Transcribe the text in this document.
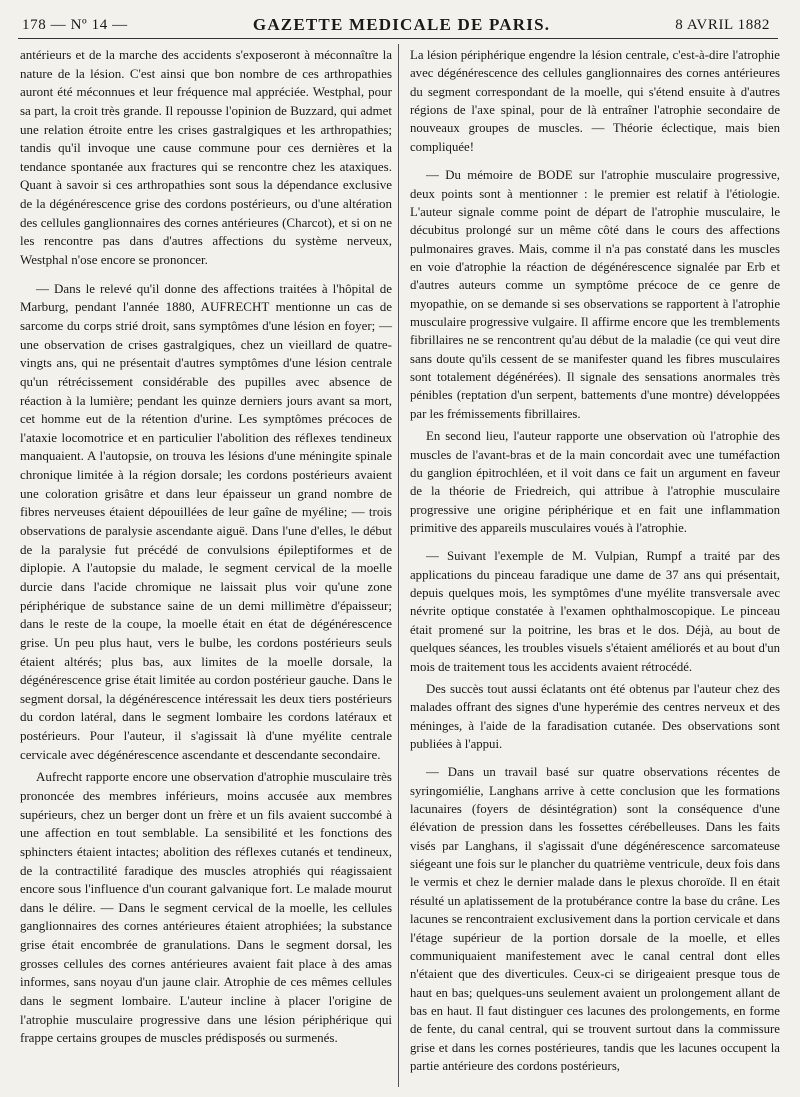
178 — Nº 14 —	GAZETTE MEDICALE DE PARIS.	8 AVRIL 1882

antérieurs et de la marche des accidents s'exposeront à méconnaître la nature de la lésion. C'est ainsi que bon nombre de ces arthropathies auront été méconnues et leur fréquence mal appréciée. Westphal, pour sa part, la croit très grande. Il repousse l'opinion de Buzzard, qui admet une relation étroite entre les crises gastralgiques et les arthropathies; tandis qu'il invoque une cause commune pour ces dernières et la tendance spontanée aux fractures qui se rencontre chez les ataxiques. Quant à savoir si ces arthropathies sont sous la dépendance exclusive de la dégénérescence grise des cordons postérieurs, ou d'une altération des cellules ganglionnaires des cornes antérieures (Charcot), et si on ne les rencontre pas dans d'autres affections du système nerveux, Westphal n'ose encore se prononcer.

— Dans le relevé qu'il donne des affections traitées à l'hôpital de Marburg, pendant l'année 1880, AUFRECHT mentionne un cas de sarcome du corps strié droit, sans symptômes d'une lésion en foyer; — une observation de crises gastralgiques, chez un vieillard de quatre-vingts ans, qui ne présentait d'autres symptômes d'une lésion centrale qu'un rétrécissement considérable des pupilles avec absence de réaction à la lumière; pendant les quinze derniers jours avant sa mort, cet homme eut de la rétention d'urine. Les symptômes précoces de l'ataxie locomotrice et en particulier l'abolition des réflexes tendineux manquaient. A l'autopsie, on trouva les lésions d'une méningite spinale chronique limitée à la région dorsale; les cordons postérieurs avaient une coloration grisâtre et dans leur épaisseur un grand nombre de fibres nerveuses étaient dépouillées de leur gaîne de myéline; — trois observations de paralysie ascendante aiguë. Dans l'une d'elles, le début de la paralysie fut précédé de convulsions épileptiformes et de diplopie. A l'autopsie du malade, le segment cervical de la moelle durcie dans l'acide chromique ne laissait plus voir qu'une zone périphérique de substance saine de un demi millimètre d'épaisseur; dans le reste de la coupe, la moelle était en état de dégénérescence grise. Un peu plus haut, vers le bulbe, les cordons postérieurs seuls étaient altérés; plus bas, aux limites de la moelle dorsale, la dégénérescence grise était limitée au cordon postérieur gauche. Dans le segment dorsal, la dégénérescence intéressait les deux tiers postérieurs du cordon latéral, dans le segment lombaire les cordons latéraux et postérieurs. Pour l'auteur, il s'agissait là d'une myélite centrale cervicale avec dégénérescence ascendante et descendante secondaire.

Aufrecht rapporte encore une observation d'atrophie musculaire très prononcée des membres inférieurs, moins accusée aux membres supérieurs, chez un berger dont un frère et un fils avaient succombé à une affection en tout semblable. La sensibilité et les fonctions des sphincters étaient intactes; abolition des réflexes cutanés et tendineux, de la contractilité faradique des muscles atrophiés qui réagissaient encore sous l'influence d'un courant galvanique fort. Le malade mourut dans le délire. — Dans le segment cervical de la moelle, les cellules ganglionnaires des cornes antérieures étaient atrophiées; la substance grise était encombrée de granulations. Dans le segment dorsal, les grosses cellules des cornes antérieures avaient fait place à des amas informes, sans noyau d'un jaune clair. Atrophie de ces mêmes cellules dans le segment lombaire. L'auteur incline à placer l'origine de l'atrophie musculaire progressive dans une lésion périphérique qui frappe certains groupes de muscles prédisposés ou surmenés.

La lésion périphérique engendre la lésion centrale, c'est-à-dire l'atrophie avec dégénérescence des cellules ganglionnaires des cornes antérieures du segment correspondant de la moelle, qui s'étend ensuite à d'autres régions de l'axe spinal, pour de là entraîner l'atrophie secondaire de nouveaux groupes de muscles. — Théorie éclectique, mais bien compliquée!

— Du mémoire de BODE sur l'atrophie musculaire progressive, deux points sont à mentionner : le premier est relatif à l'étiologie. L'auteur signale comme point de départ de l'atrophie musculaire, le décubitus prolongé sur un même côté dans le cours des affections pulmonaires graves. Mais, comme il n'a pas constaté dans les muscles en voie d'atrophie la réaction de dégénérescence signalée par Erb et d'autres auteurs comme un symptôme précoce de ce genre de myopathie, on se demande si ses observations se rapportent à l'atrophie musculaire progressive vulgaire. Il affirme encore que les tremblements fibrillaires ne se rencontrent qu'au début de la maladie (ce qui veut dire sans doute qu'ils cessent de se manifester quand les fibres musculaires sont totalement dégénérées). Il signale des sensations anormales très pénibles (reptation d'un serpent, battements d'une montre) développées par les frémissements fibrillaires.

En second lieu, l'auteur rapporte une observation où l'atrophie des muscles de l'avant-bras et de la main concordait avec une tuméfaction du ganglion épitrochléen, et il voit dans ce fait un argument en faveur de la théorie de Friedreich, qui attribue à l'atrophie musculaire progressive une origine périphérique et en fait une inflammation primitive des appareils musculaires voués à l'atrophie.

— Suivant l'exemple de M. Vulpian, Rumpf a traité par des applications du pinceau faradique une dame de 37 ans qui présentait, depuis quelques mois, les symptômes d'une myélite transversale avec névrite optique constatée à l'examen ophthalmoscopique. Le pinceau était promené sur la poitrine, les bras et le dos. Déjà, au bout de quelques séances, les troubles visuels s'étaient améliorés et au bout d'un mois de traitement tous les accidents avaient rétrocédé.

Des succès tout aussi éclatants ont été obtenus par l'auteur chez des malades offrant des signes d'une hyperémie des centres nerveux et des méninges, à l'aide de la faradisation cutanée. Des observations sont publiées à l'appui.

— Dans un travail basé sur quatre observations récentes de syringomiélie, Langhans arrive à cette conclusion que les formations lacunaires (foyers de désintégration) sont la conséquence d'une élévation de pression dans les fossettes cérébelleuses. Dans les faits visés par Langhans, il s'agissait d'une dégénérescence sarcomateuse siégeant une fois sur le plancher du quatrième ventricule, deux fois dans le vermis et chez le dernier malade dans le plexus choroïde. Il en était résulté un aplatissement de la protubérance contre la base du crâne. Les lacunes se rencontraient exclusivement dans la portion cervicale et dans l'étage supérieur de la portion dorsale de la moelle, et elles communiquaient manifestement avec le canal central dont elles n'étaient que des diverticules. Ceux-ci se dirigeaient presque tous de haut en bas; quelques-uns seulement avaient un prolongement allant de bas en haut. Il faut distinguer ces lacunes des prolongements, en forme de fente, du canal central, qui se trouvent surtout dans la commissure grise et dans les cornes postérieures, tandis que les lacunes occupent la partie antérieure des cordons postérieurs,
